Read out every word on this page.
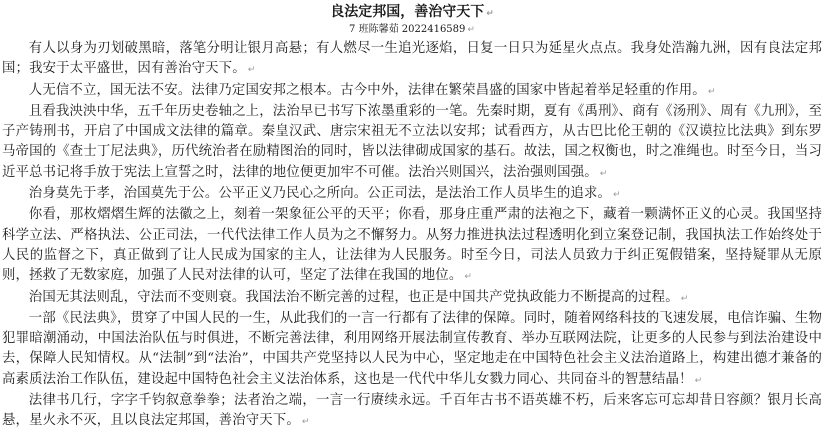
良法定邦国，善治守天下 ↵
7 班陈馨茹 2022416589 ↵

有人以身为刃划破黑暗，落笔分明让银月高悬；有人燃尽一生追光逐焰，日复一日只为延星火点点。我身处浩瀚九洲，因有良法定邦国；我安于太平盛世，因有善治守天下。 ↵

人无信不立，国无法不安。法律乃定国安邦之根本。古今中外，法律在繁荣昌盛的国家中皆起着举足轻重的作用。 ↵

且看我泱泱中华，五千年历史卷轴之上，法治早已书写下浓墨重彩的一笔。先秦时期，夏有《禹刑》、商有《汤刑》、周有《九刑》，至子产铸刑书，开启了中国成文法律的篇章。秦皇汉武、唐宗宋祖无不立法以安邦；试看西方，从古巴比伦王朝的《汉谟拉比法典》到东罗马帝国的《查士丁尼法典》，历代统治者在励精图治的同时，皆以法律砌成国家的基石。故法，国之权衡也，时之准绳也。时至今日，当习近平总书记将手放于宪法上宣誓之时，法律的地位便更加牢不可催。法治兴则国兴，法治强则国强。 ↵

治身莫先于孝，治国莫先于公。公平正义乃民心之所向。公正司法，是法治工作人员毕生的追求。 ↵

你看，那枚熠熠生辉的法徽之上，刻着一架象征公平的天平；你看，那身庄重严肃的法袍之下，藏着一颗满怀正义的心灵。我国坚持科学立法、严格执法、公正司法，一代代法律工作人员为之不懈努力。从努力推进执法过程透明化到立案登记制，我国执法工作始终处于人民的监督之下，真正做到了让人民成为国家的主人，让法律为人民服务。时至今日，司法人员致力于纠正冤假错案，坚持疑罪从无原则，拯救了无数家庭，加强了人民对法律的认可，坚定了法律在我国的地位。 ↵

治国无其法则乱，守法而不变则衰。我国法治不断完善的过程，也正是中国共产党执政能力不断提高的过程。 ↵

一部《民法典》，贯穿了中国人民的一生，从此我们的一言一行都有了法律的保障。同时，随着网络科技的飞速发展，电信诈骗、生物犯罪暗潮涌动，中国法治队伍与时俱进，不断完善法律，利用网络开展法制宣传教育、举办互联网法院，让更多的人民参与到法治建设中去，保障人民知情权。从“法制”到“法治”，中国共产党坚持以人民为中心，坚定地走在中国特色社会主义法治道路上，构建出德才兼备的高素质法治工作队伍，建设起中国特色社会主义法治体系，这也是一代代中华儿女戮力同心、共同奋斗的智慧结晶！ ↵

法律书几行，字字千钧叙意拳拳；法者治之端，一言一行赓续永远。千百年古书不语英雄不朽，后来客忘可忘却昔日容颜？银月长高悬，星火永不灭，且以良法定邦国，善治守天下。 ↵
